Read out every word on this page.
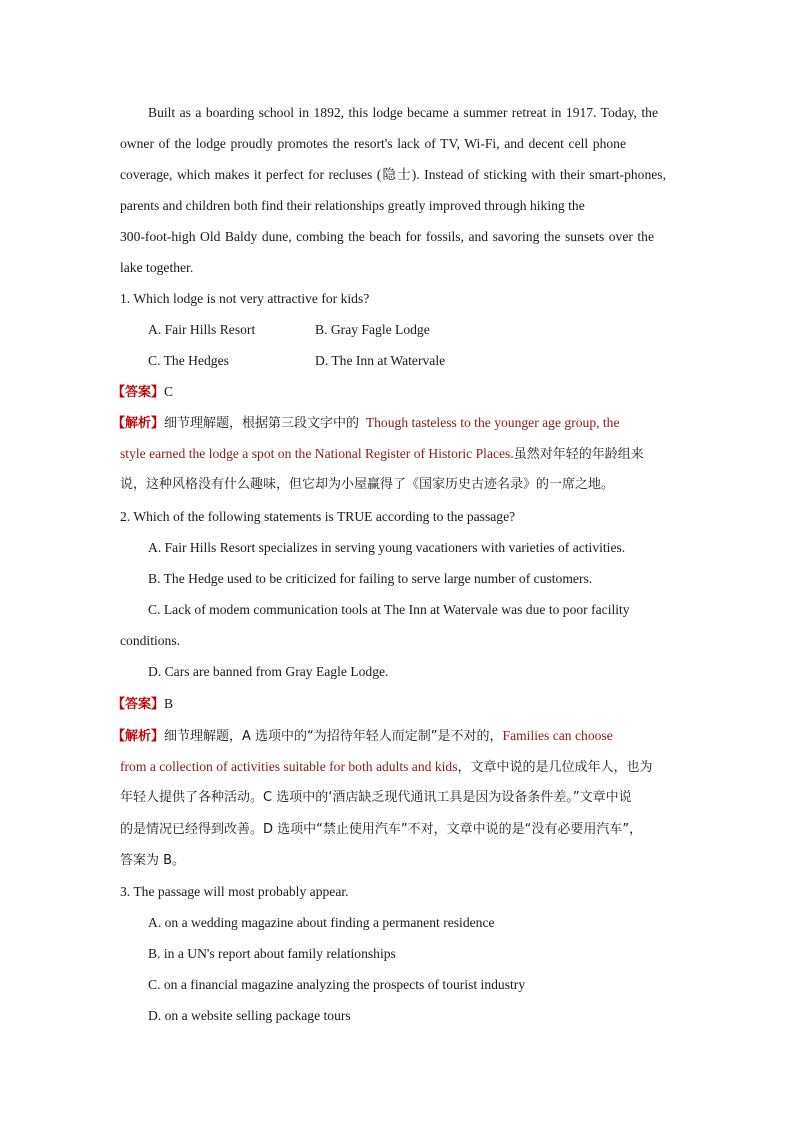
Built as a boarding school in 1892, this lodge became a summer retreat in 1917. Today, the
owner of the lodge proudly promotes the resort's lack of TV, Wi-Fi, and decent cell phone
coverage, which makes it perfect for recluses (隐士). Instead of sticking with their smart-phones,
parents and children both find their relationships greatly improved through hiking the
300-foot-high Old Baldy dune, combing the beach for fossils, and savoring the sunsets over the
lake together.
1. Which lodge is not very attractive for kids?
A. Fair Hills Resort	B. Gray Fagle Lodge
C. The Hedges	D. The Inn at Watervale
【答案】C
【解析】细节理解题，根据第三段文字中的 Though tasteless to the younger age group, the
style earned the lodge a spot on the National Register of Historic Places.虽然对年轻的年龄组来
说，这种风格没有什么趣味，但它却为小屋赢得了《国家历史古迹名录》的一席之地。
2. Which of the following statements is TRUE according to the passage?
A. Fair Hills Resort specializes in serving young vacationers with varieties of activities.
B. The Hedge used to be criticized for failing to serve large number of customers.
C. Lack of modem communication tools at The Inn at Watervale was due to poor facility
conditions.
D. Cars are banned from Gray Eagle Lodge.
【答案】B
【解析】细节理解题，A 选项中的“为招待年轻人而定制”是不对的，Families can choose
from a collection of activities suitable for both adults and kids，文章中说的是几位成年人，也为
年轻人提供了各种活动。C 选项中的‘酒店缺乏现代通讯工具是因为设备条件差。”文章中说
的是情况已经得到改善。D 选项中“禁止使用汽车”不对，文章中说的是“没有必要用汽车”，
答案为 B。
3. The passage will most probably appear.
A. on a wedding magazine about finding a permanent residence
B. in a UN's report about family relationships
C. on a financial magazine analyzing the prospects of tourist industry
D. on a website selling package tours
